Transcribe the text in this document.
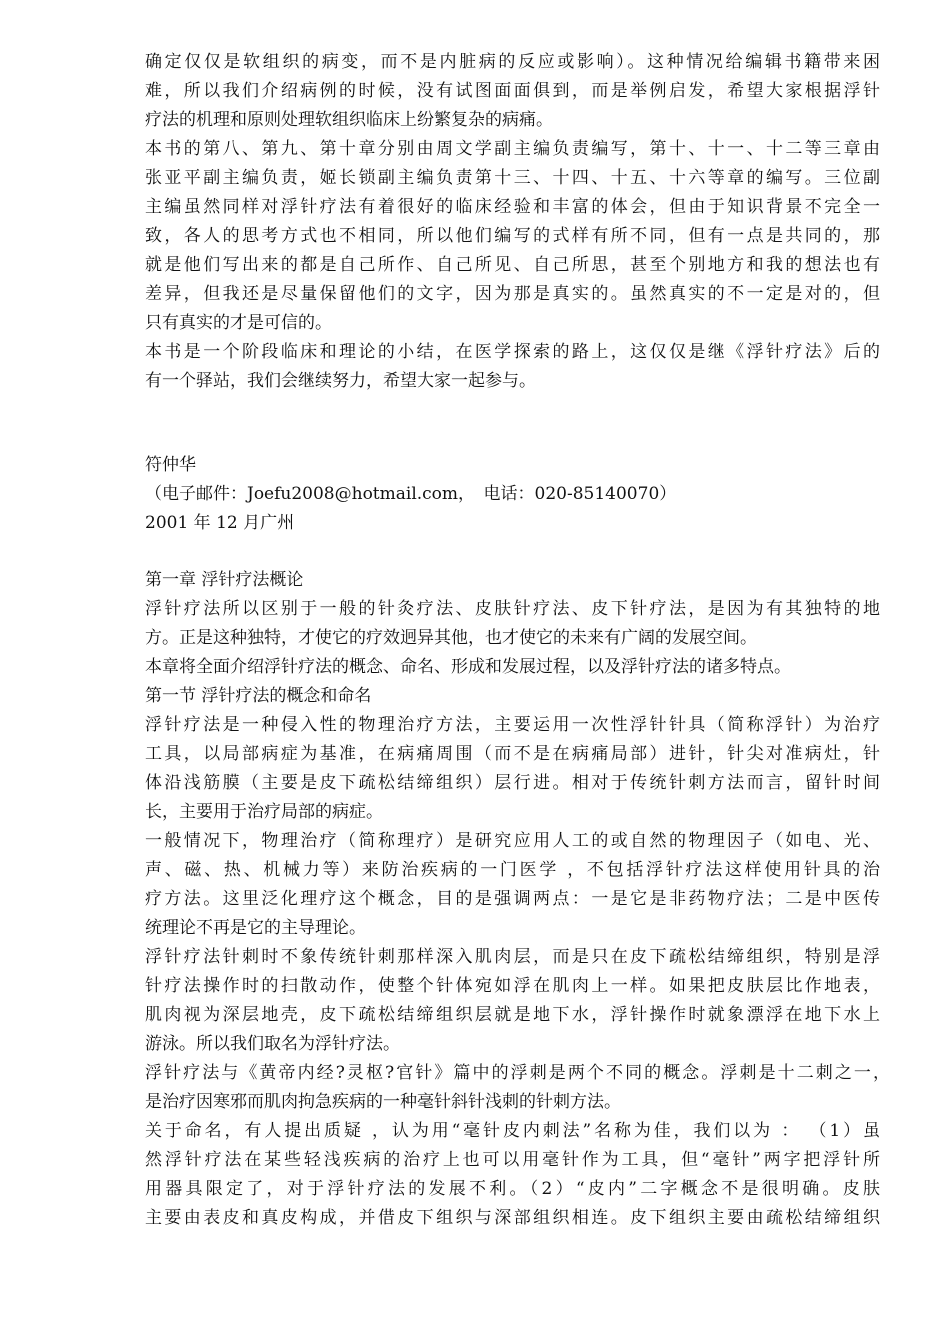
确定仅仅是软组织的病变，而不是内脏病的反应或影响）。这种情况给编辑书籍带来困
难，所以我们介绍病例的时候，没有试图面面俱到，而是举例启发，希望大家根据浮针
疗法的机理和原则处理软组织临床上纷繁复杂的病痛。
本书的第八、第九、第十章分别由周文学副主编负责编写，第十、十一、十二等三章由
张亚平副主编负责，姬长锁副主编负责第十三、十四、十五、十六等章的编写。三位副
主编虽然同样对浮针疗法有着很好的临床经验和丰富的体会，但由于知识背景不完全一
致，各人的思考方式也不相同，所以他们编写的式样有所不同，但有一点是共同的，那
就是他们写出来的都是自己所作、自己所见、自己所思，甚至个别地方和我的想法也有
差异，但我还是尽量保留他们的文字，因为那是真实的。虽然真实的不一定是对的，但
只有真实的才是可信的。
本书是一个阶段临床和理论的小结，在医学探索的路上，这仅仅是继《浮针疗法》后的
有一个驿站，我们会继续努力，希望大家一起参与。
符仲华
（电子邮件：Joefu2008@hotmail.com，　电话：020-85140070）
2001 年 12 月广州
第一章 浮针疗法概论
浮针疗法所以区别于一般的针灸疗法、皮肤针疗法、皮下针疗法，是因为有其独特的地
方。正是这种独特，才使它的疗效迥异其他，也才使它的未来有广阔的发展空间。
本章将全面介绍浮针疗法的概念、命名、形成和发展过程，以及浮针疗法的诸多特点。
第一节 浮针疗法的概念和命名
浮针疗法是一种侵入性的物理治疗方法，主要运用一次性浮针针具（简称浮针）为治疗
工具，以局部病症为基准，在病痛周围（而不是在病痛局部）进针，针尖对准病灶，针
体沿浅筋膜（主要是皮下疏松结缔组织）层行进。相对于传统针刺方法而言，留针时间
长，主要用于治疗局部的病症。
一般情况下，物理治疗（简称理疗）是研究应用人工的或自然的物理因子（如电、光、
声、磁、热、机械力等）来防治疾病的一门医学 ，不包括浮针疗法这样使用针具的治
疗方法。这里泛化理疗这个概念，目的是强调两点：一是它是非药物疗法；二是中医传
统理论不再是它的主导理论。
浮针疗法针刺时不象传统针刺那样深入肌肉层，而是只在皮下疏松结缔组织，特别是浮
针疗法操作时的扫散动作，使整个针体宛如浮在肌肉上一样。如果把皮肤层比作地表，
肌肉视为深层地壳，皮下疏松结缔组织层就是地下水，浮针操作时就象漂浮在地下水上
游泳。所以我们取名为浮针疗法。
浮针疗法与《黄帝内经?灵枢?官针》篇中的浮刺是两个不同的概念。浮刺是十二刺之一，
是治疗因寒邪而肌肉拘急疾病的一种毫针斜针浅刺的针刺方法。
关于命名，有人提出质疑 ，认为用“毫针皮内刺法”名称为佳，我们以为 ： （1）虽
然浮针疗法在某些轻浅疾病的治疗上也可以用毫针作为工具，但“毫针”两字把浮针所
用器具限定了，对于浮针疗法的发展不利。（2）“皮内”二字概念不是很明确。皮肤
主要由表皮和真皮构成，并借皮下组织与深部组织相连。皮下组织主要由疏松结缔组织
